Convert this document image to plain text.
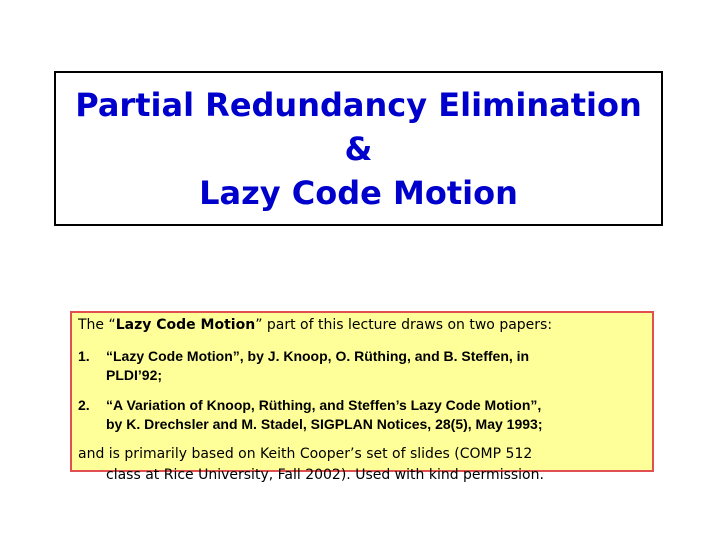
Partial Redundancy Elimination
&
Lazy Code Motion
The “Lazy Code Motion” part of this lecture draws on two papers:
1. “Lazy Code Motion”, by J. Knoop, O. Rüthing, and B. Steffen, in
PLDI’92;
2. “A Variation of Knoop, Rüthing, and Steffen’s Lazy Code Motion”,
by K. Drechsler and M. Stadel, SIGPLAN Notices, 28(5), May 1993;
and is primarily based on Keith Cooper’s set of slides (COMP 512
class at Rice University, Fall 2002). Used with kind permission.
